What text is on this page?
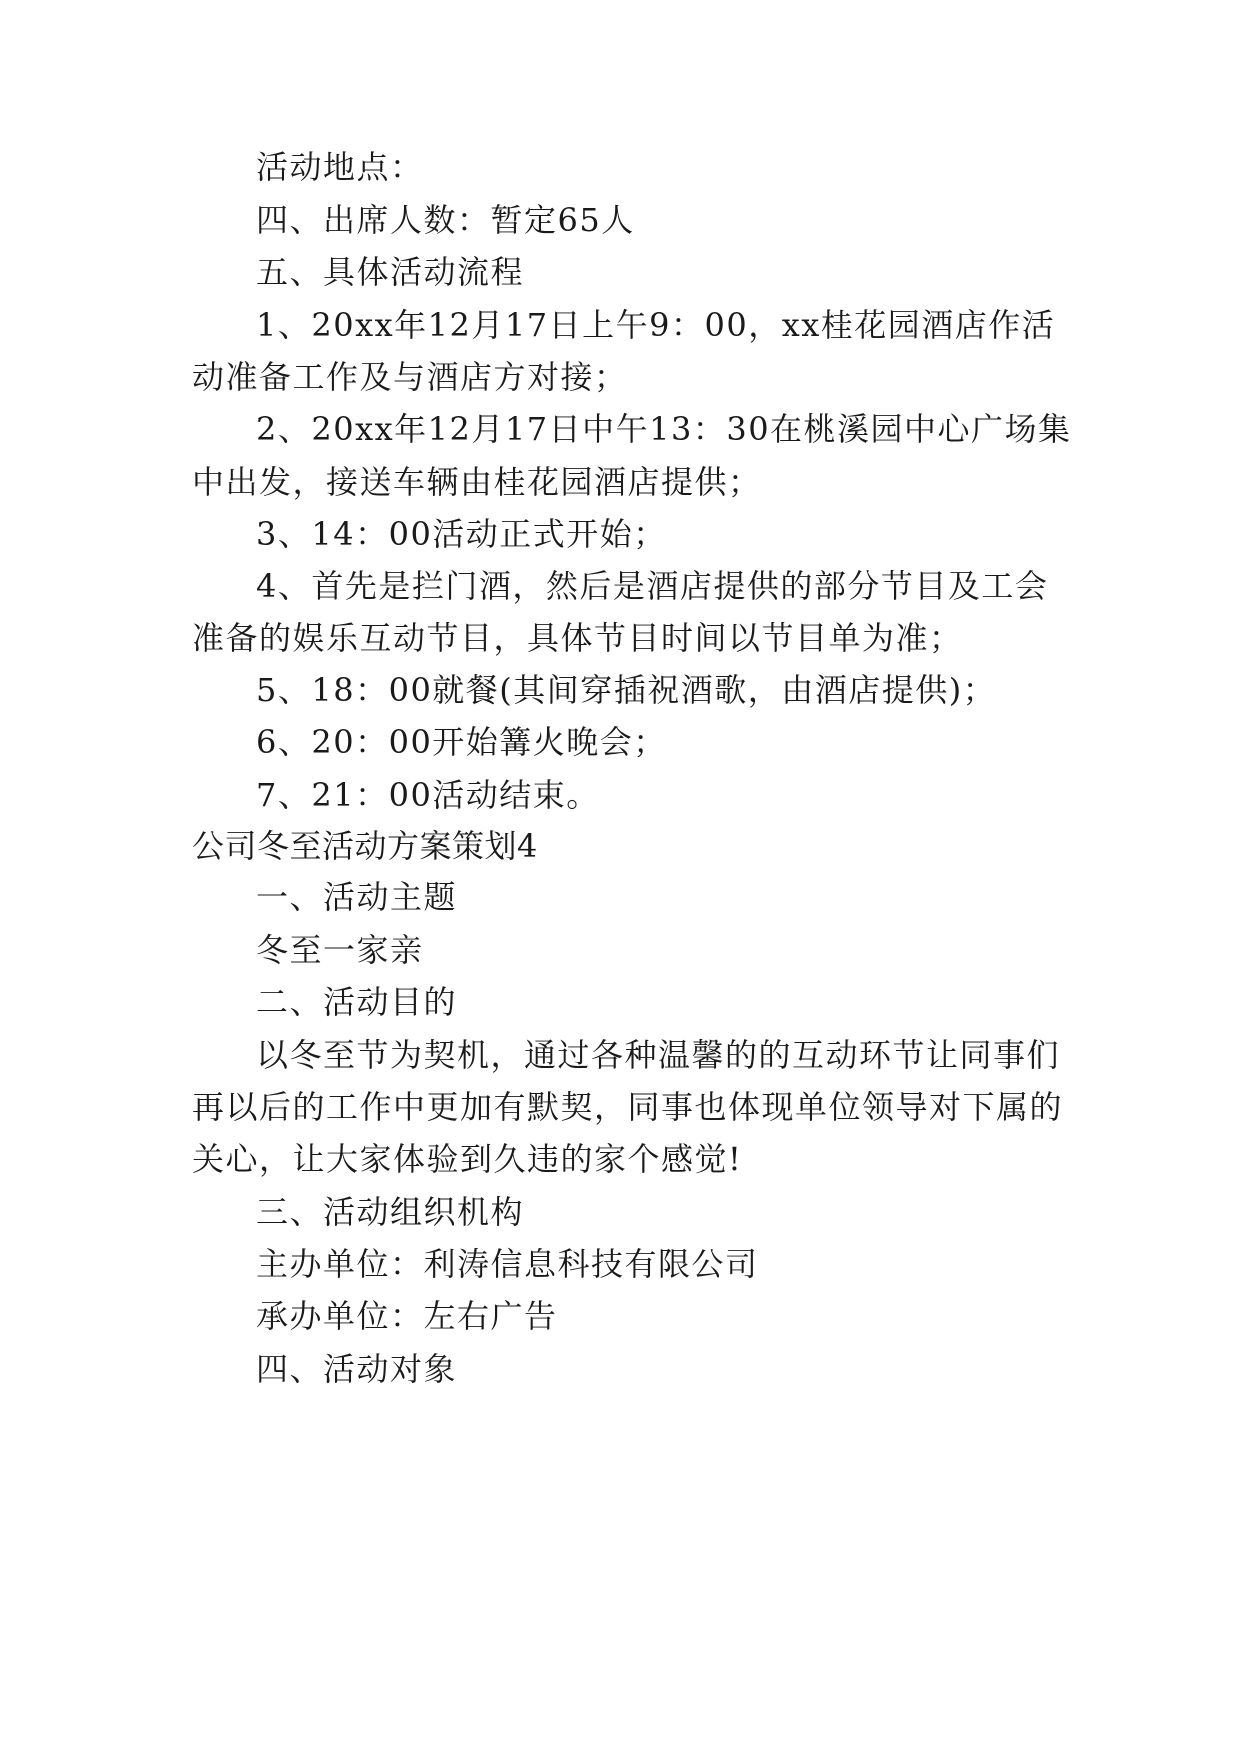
活动地点：
四、出席人数：暂定65人
五、具体活动流程
1、20xx年12月17日上午9：00，xx桂花园酒店作活
动准备工作及与酒店方对接；
2、20xx年12月17日中午13：30在桃溪园中心广场集
中出发，接送车辆由桂花园酒店提供；
3、14：00活动正式开始；
4、首先是拦门酒，然后是酒店提供的部分节目及工会
准备的娱乐互动节目，具体节目时间以节目单为准；
5、18：00就餐(其间穿插祝酒歌，由酒店提供)；
6、20：00开始篝火晚会；
7、21：00活动结束。
公司冬至活动方案策划4
一、活动主题
冬至一家亲
二、活动目的
以冬至节为契机，通过各种温馨的的互动环节让同事们
再以后的工作中更加有默契，同事也体现单位领导对下属的
关心，让大家体验到久违的家个感觉!
三、活动组织机构
主办单位：利涛信息科技有限公司
承办单位：左右广告
四、活动对象
